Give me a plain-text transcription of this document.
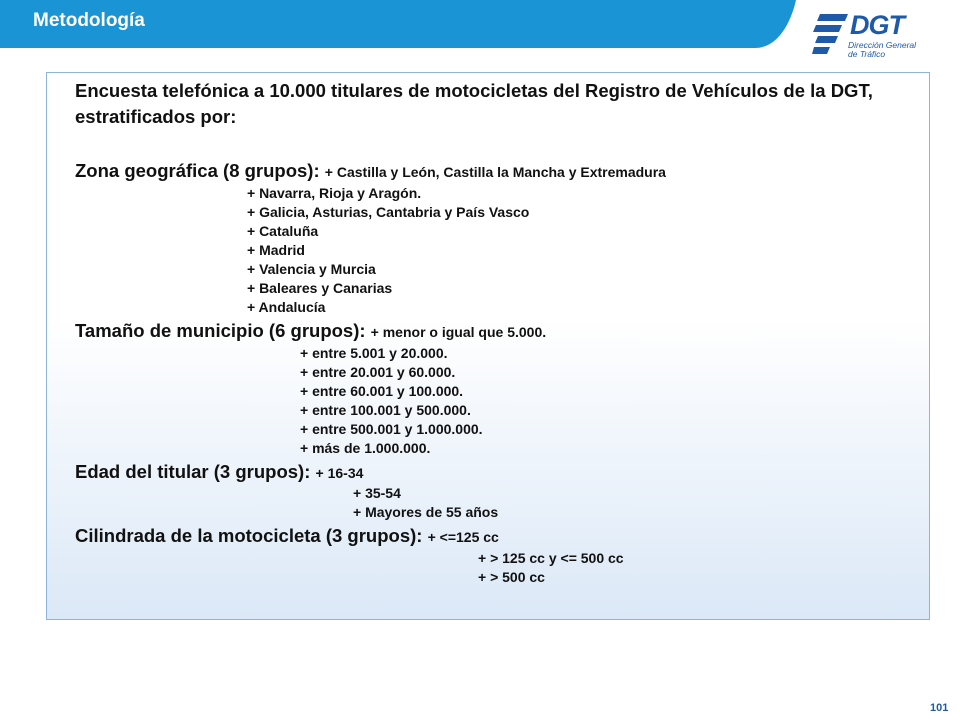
Metodología	DGT
Dirección General
de Tráfico
Encuesta telefónica a 10.000 titulares de motocicletas del Registro de Vehículos de la DGT, estratificados por:
Zona geográfica (8 grupos): + Castilla y León, Castilla la Mancha y Extremadura
+ Navarra, Rioja y Aragón.
+ Galicia, Asturias, Cantabria y País Vasco
+ Cataluña
+ Madrid
+ Valencia y Murcia
+ Baleares y Canarias
+ Andalucía
Tamaño de municipio (6 grupos): + menor o igual que 5.000.
+ entre 5.001 y 20.000.
+ entre 20.001 y 60.000.
+ entre 60.001 y 100.000.
+ entre 100.001 y 500.000.
+ entre 500.001 y 1.000.000.
+ más de 1.000.000.
Edad del titular (3 grupos): + 16-34
+ 35-54
+ Mayores de 55 años
Cilindrada de la motocicleta (3 grupos): + <=125 cc
+ > 125 cc y <= 500 cc
+ > 500 cc
101
